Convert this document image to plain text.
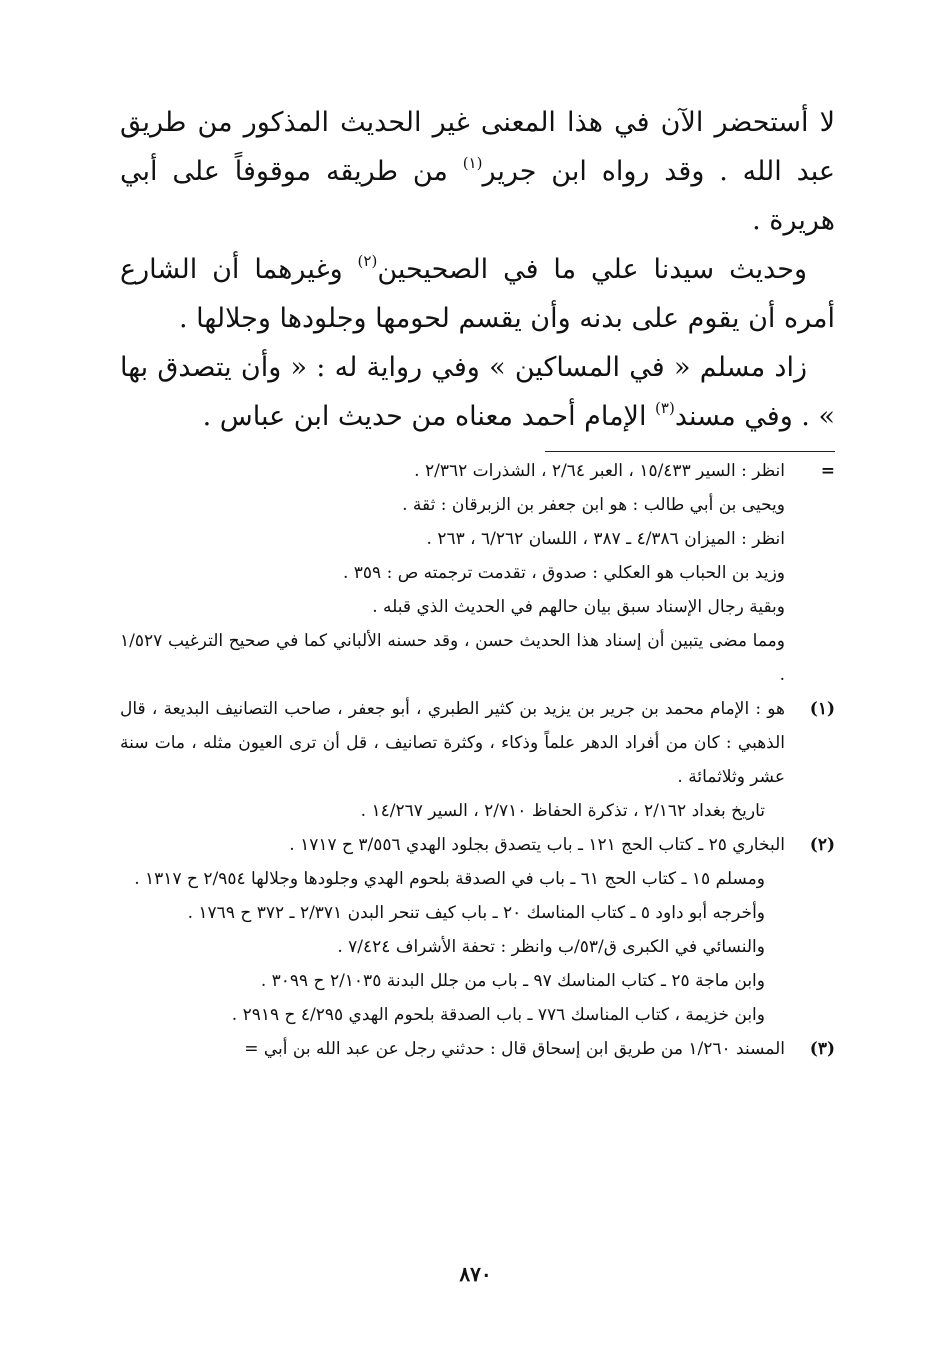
لا أستحضر الآن في هذا المعنى غير الحديث المذكور من طريق عبد الله . وقد رواه ابن جرير$^{(١)}$ من طريقه موقوفاً على أبي هريرة .

وحديث سيدنا علي ما في الصحيحين$^{(٢)}$ وغيرهما أن الشارع أمره أن يقوم على بدنه وأن يقسم لحومها وجلودها وجلالها .

زاد مسلم « في المساكين » وفي رواية له : « وأن يتصدق بها » . وفي مسند$^{(٣)}$ الإمام أحمد معناه من حديث ابن عباس .

=
انظر : السير ١٥/٤٣٣ ، العبر ٢/٦٤ ، الشذرات ٢/٣٦٢ .
ويحيى بن أبي طالب : هو ابن جعفر بن الزبرقان : ثقة .
انظر : الميزان ٤/٣٨٦ ـ ٣٨٧ ، اللسان ٦/٢٦٢ ، ٢٦٣ .
وزيد بن الحباب هو العكلي : صدوق ، تقدمت ترجمته ص : ٣٥٩ .
وبقية رجال الإسناد سبق بيان حالهم في الحديث الذي قبله .
ومما مضى يتبين أن إسناد هذا الحديث حسن ، وقد حسنه الألباني كما في صحيح الترغيب ١/٥٢٧ .
(١)
هو : الإمام محمد بن جرير بن يزيد بن كثير الطبري ، أبو جعفر ، صاحب التصانيف البديعة ، قال الذهبي : كان من أفراد الدهر علماً وذكاء ، وكثرة تصانيف ، قل أن ترى العيون مثله ، مات سنة عشر وثلاثمائة .
تاريخ بغداد ٢/١٦٢ ، تذكرة الحفاظ ٢/٧١٠ ، السير ١٤/٢٦٧ .
(٢)
البخاري ٢٥ ـ كتاب الحج ١٢١ ـ باب يتصدق بجلود الهدي ٣/٥٥٦ ح ١٧١٧ .
ومسلم ١٥ ـ كتاب الحج ٦١ ـ باب في الصدقة بلحوم الهدي وجلودها وجلالها ٢/٩٥٤ ح ١٣١٧ .
وأخرجه أبو داود ٥ ـ كتاب المناسك ٢٠ ـ باب كيف تنحر البدن ٢/٣٧١ ـ ٣٧٢ ح ١٧٦٩ .
والنسائي في الكبرى ق/٥٣/ب وانظر : تحفة الأشراف ٧/٤٢٤ .
وابن ماجة ٢٥ ـ كتاب المناسك ٩٧ ـ باب من جلل البدنة ٢/١٠٣٥ ح ٣٠٩٩ .
وابن خزيمة ، كتاب المناسك ٧٧٦ ـ باب الصدقة بلحوم الهدي ٤/٢٩٥ ح ٢٩١٩ .
(٣)
المسند ١/٢٦٠ من طريق ابن إسحاق قال : حدثني رجل عن عبد الله بن أبي =
٨٧٠
